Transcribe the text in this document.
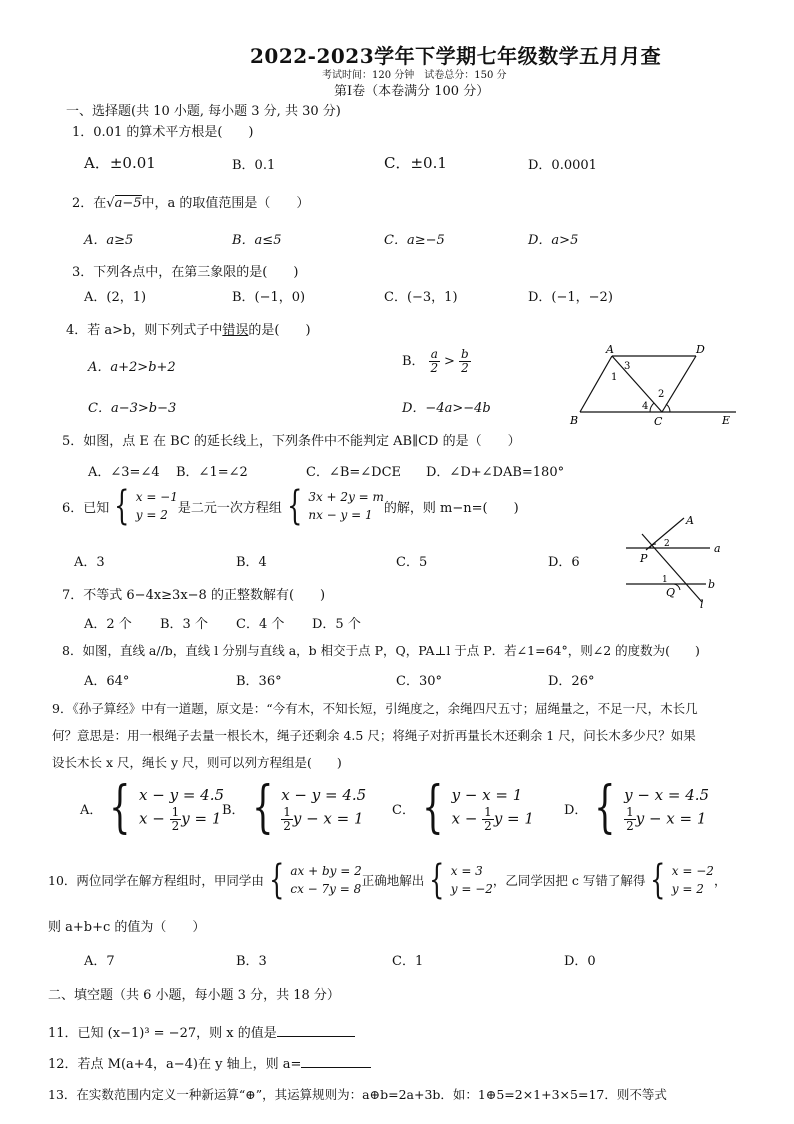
2022-2023学年下学期七年级数学五月月查
考试时间：120 分钟　试卷总分：150 分
第Ⅰ卷（本卷满分 100 分）
一、选择题(共 10 小题, 每小题 3 分, 共 30 分)
1．0.01 的算术平方根是(　　)
A．±0.01	B．0.1	C．±0.1	D．0.0001
2．在√a−5中，a 的取值范围是（　　）
A．a≥5	B．a≤5	C．a≥−5	D．a>5
3．下列各点中，在第三象限的是(　　)
A．(2，1)	B．(−1，0)	C．(−3，1)	D．(−1，−2)
4．若 a>b，则下列式子中错误的是(　　)
A．a+2>b+2	B． $\frac{a}{2} > \frac{b}{2}$
C．a−3>b−3	D．−4a>−4b
A	D
B	C	E
1
3
2
4
5．如图，点 E 在 BC 的延长线上，下列条件中不能判定 AB∥CD 的是（　　）
A．∠3=∠4 B．∠1=∠2	C．∠B=∠DCE D．∠D+∠DAB=180°
6．已知 { x = −1
y = 2 是二元一次方程组 { 3x + 2y = m
nx − y = 1 的解，则 m−n=(　　)
A．3	B．4	C．5	D．6
A
P
Q
a
b
l
2
1
7．不等式 6−4x≥3x−8 的正整数解有(　　)
A．2 个 B．3 个 C．4 个 D．5 个
8．如图，直线 a//b，直线 l 分别与直线 a，b 相交于点 P，Q，PA⊥l 于点 P．若∠1=64°，则∠2 的度数为(　　)
A．64°	B．36°	C．30°	D．26°
9．《孙子算经》中有一道题，原文是：“今有木，不知长短，引绳度之，余绳四尺五寸；屈绳量之，不足一尺，木长几
何？意思是：用一根绳子去量一根长木，绳子还剩余 4.5 尺；将绳子对折再量长木还剩余 1 尺，问长木多少尺？如果
设长木长 x 尺，绳长 y 尺，则可以列方程组是(　　)
A． { x − y = 4.5
$x - \frac{1}{2}$ y = 1 B． { x − y = 4.5
$\frac{1}{2}$ y − x = 1 C． { y − x = 1
$x - \frac{1}{2}$ y = 1 D． { y − x = 4.5
$\frac{1}{2}$ y − x = 1
10．两位同学在解方程组时，甲同学由 { ax + by = 2
cx − 7y = 8
正确地解出 { x = 3
y = −2
，乙同学因把 c 写错了解得 { x = −2
y = 2
，
则 a+b+c 的值为（　　）
A．7	B．3	C．1	D．0
二、填空题（共 6 小题，每小题 3 分，共 18 分）
11．已知 (x−1)³ = −27，则 x 的值是
12．若点 M(a+4，a−4)在 y 轴上，则 a=
13．在实数范围内定义一种新运算“⊕”，其运算规则为：a⊕b=2a+3b．如：1⊕5=2×1+3×5=17．则不等式
